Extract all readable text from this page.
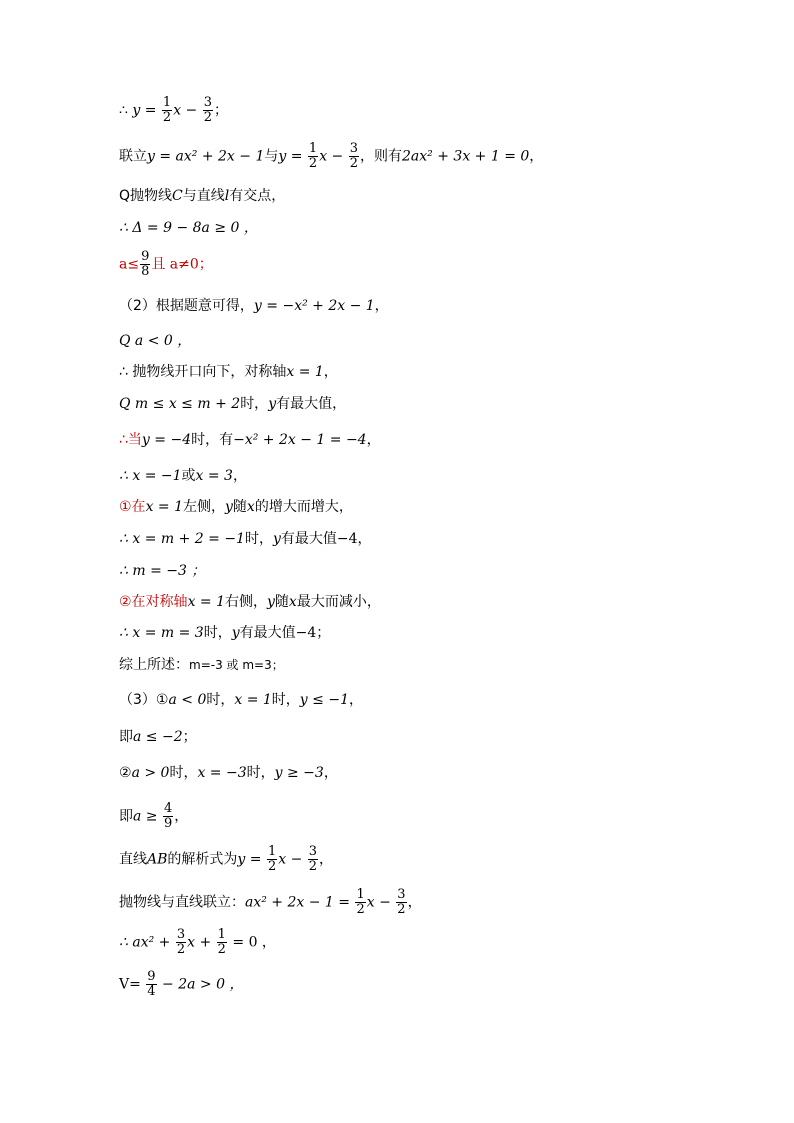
∴ $y = \frac{1}{2}$ $x - \frac{3}{2}$ ；
联立y = ax² + 2x − 1与$y = \frac{1}{2}$ $x - \frac{3}{2}$ ，则有2ax² + 3x + 1 = 0，
Q抛物线C与直线l有交点，
∴ Δ = 9 − 8a ≥ 0 ，
$a\le \frac{9}{8}$ 且 a≠0；
（2）根据题意可得，y = −x² + 2x − 1，
Q a < 0 ，
∴ 抛物线开口向下，对称轴x = 1，
Q m ≤ x ≤ m + 2时，y有最大值，
∴当y = −4时，有−x² + 2x − 1 = −4，
∴ x = −1或x = 3，
①在x = 1左侧，y随x的增大而增大，
∴ x = m + 2 = −1时，y有最大值−4，
∴ m = −3 ；
②在对称轴x = 1右侧，y随x最大而减小，
∴ x = m = 3时，y有最大值−4；
综上所述：m=-3 或 m=3；
（3）①a < 0时，x = 1时，y ≤ −1，
即a ≤ −2；
②a > 0时，x = −3时，y ≥ −3，
即$a \ge \frac{4}{9}$ ，
直线AB的解析式为$y = \frac{1}{2}$ $x - \frac{3}{2}$ ，
抛物线与直线联立：$ax^2 + 2x - 1 = \frac{1}{2}$ $x - \frac{3}{2}$ ，
∴ $ax^2 + \frac{3}{2}$ $x + \frac{1}{2} = 0$ ，
$V= \frac{9}{4} - 2a > 0$ ，
